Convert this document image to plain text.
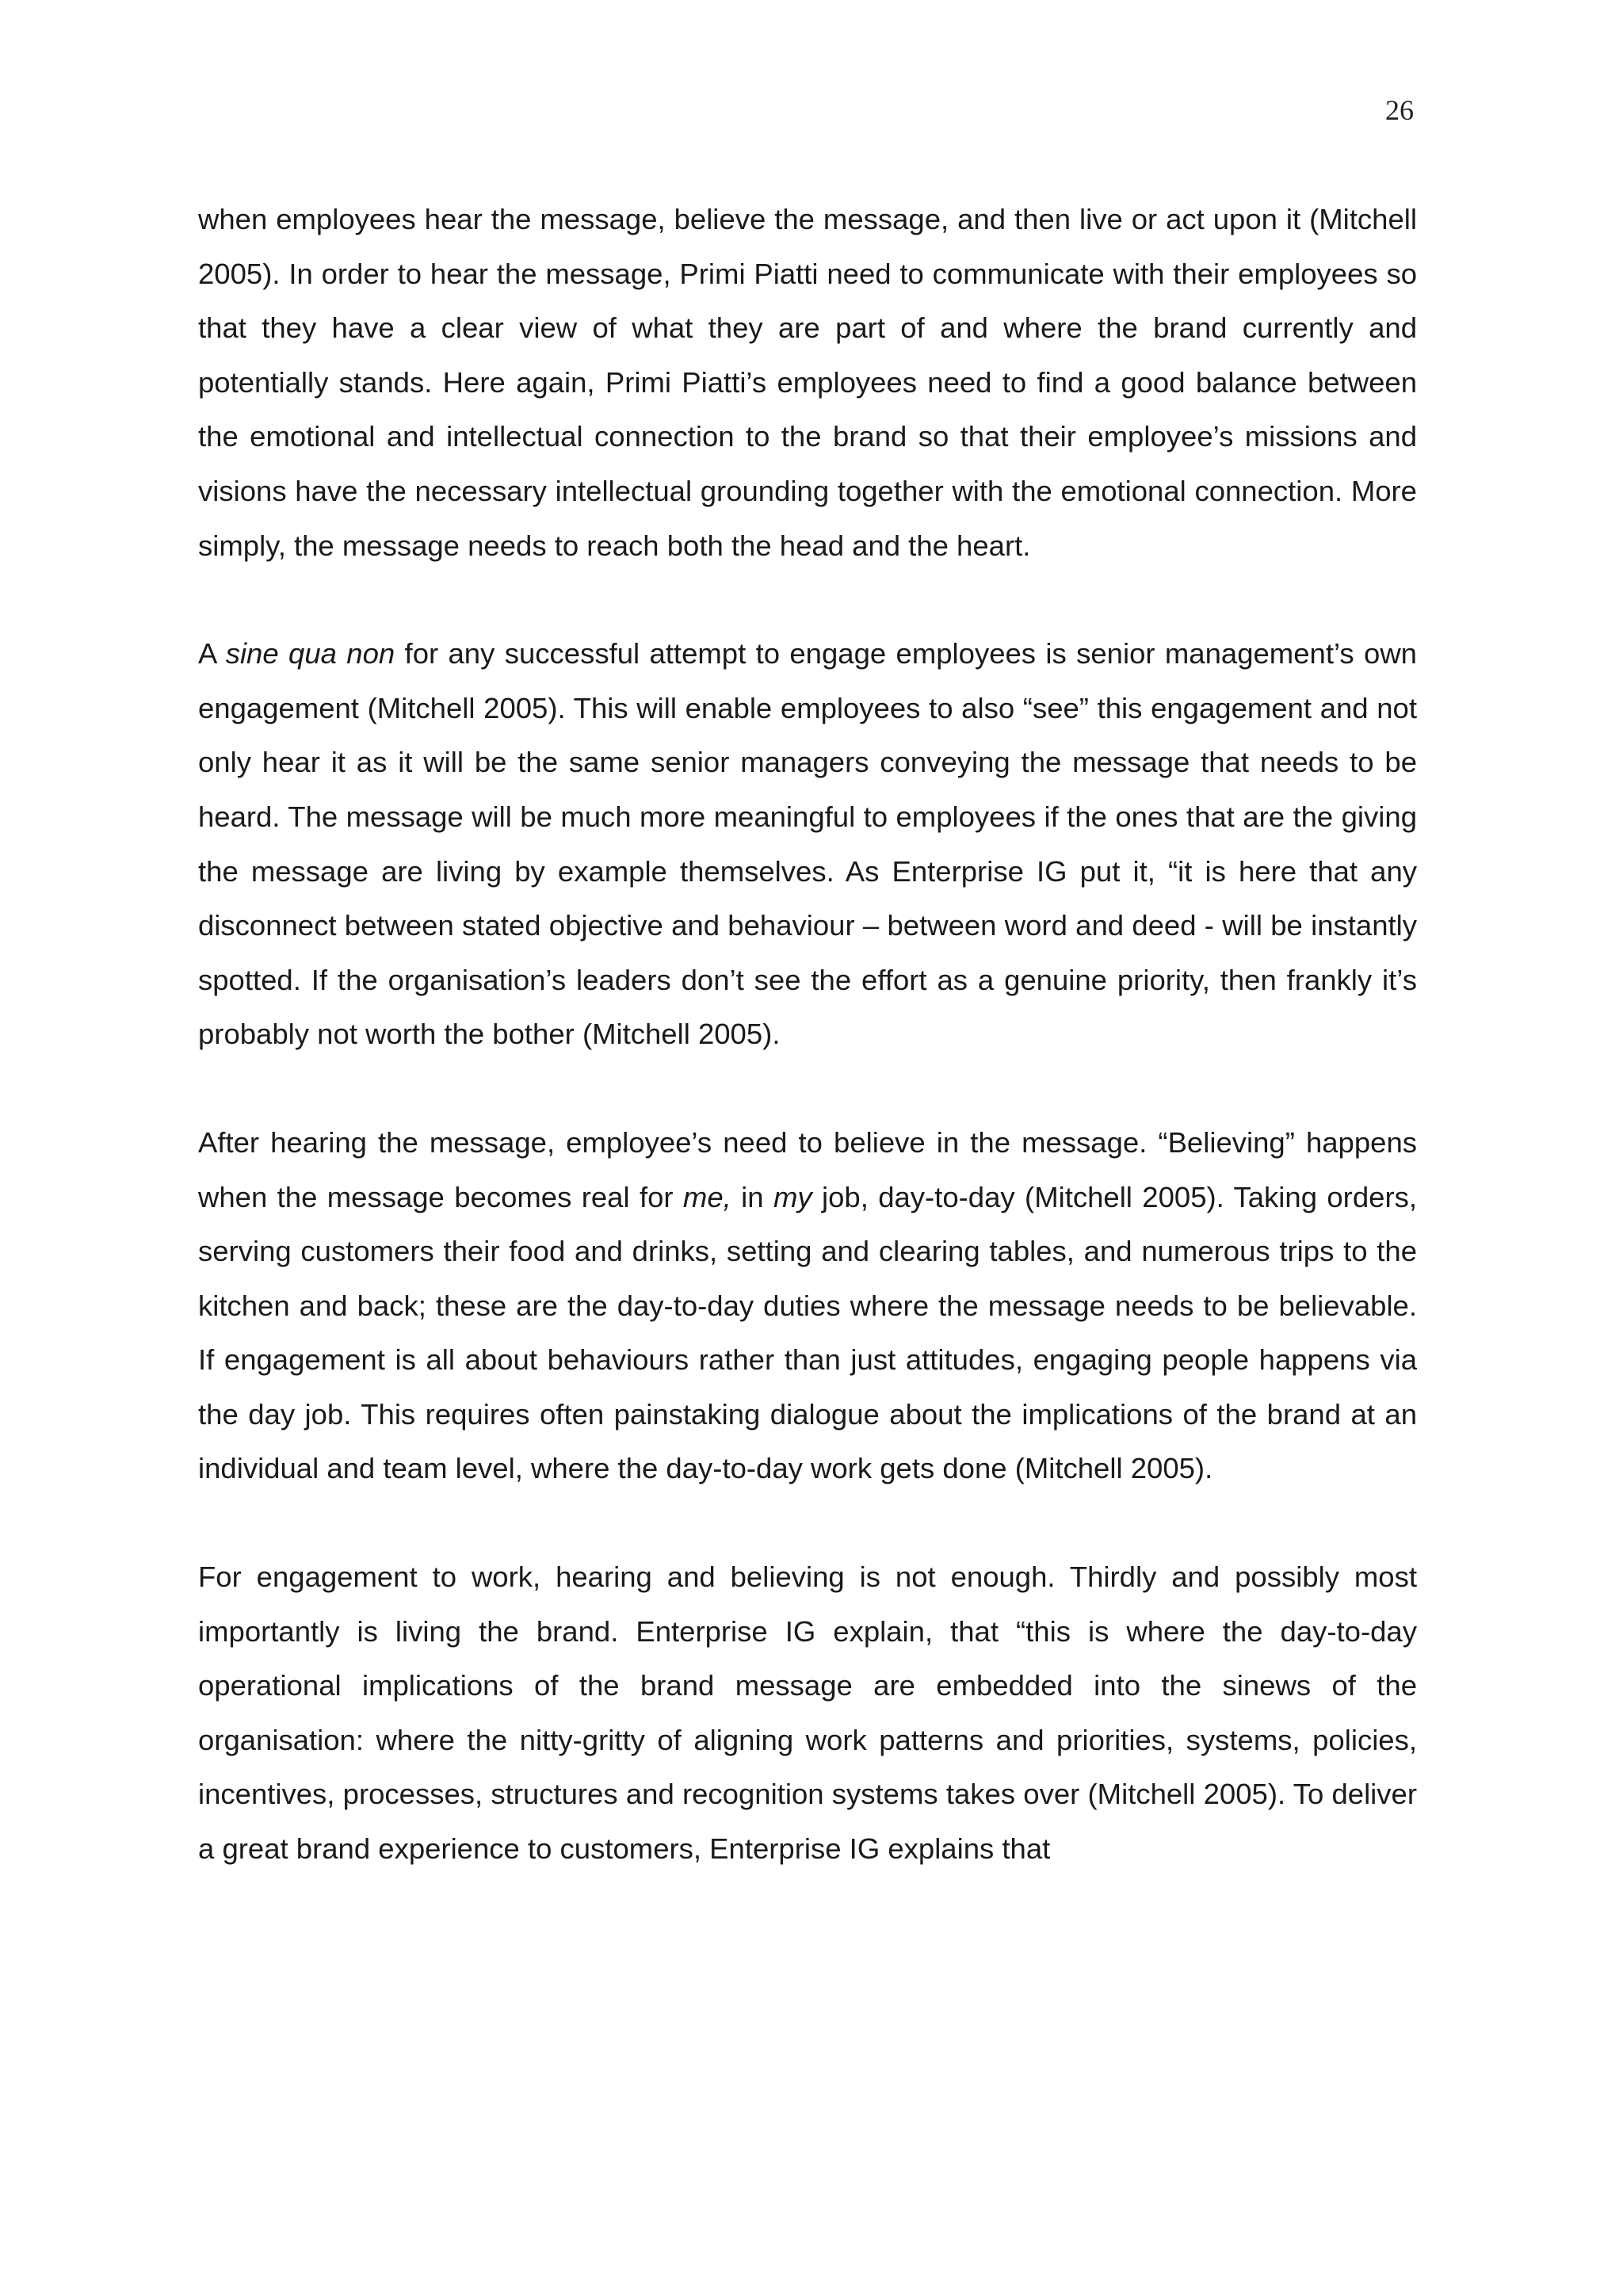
26

when employees hear the message, believe the message, and then live or act upon it (Mitchell 2005). In order to hear the message, Primi Piatti need to communicate with their employees so that they have a clear view of what they are part of and where the brand currently and potentially stands. Here again, Primi Piatti’s employees need to find a good balance between the emotional and intellectual connection to the brand so that their employee’s missions and visions have the necessary intellectual grounding together with the emotional connection. More simply, the message needs to reach both the head and the heart.

A sine qua non for any successful attempt to engage employees is senior management’s own engagement (Mitchell 2005). This will enable employees to also “see” this engagement and not only hear it as it will be the same senior managers conveying the message that needs to be heard. The message will be much more meaningful to employees if the ones that are the giving the message are living by example themselves. As Enterprise IG put it, “it is here that any disconnect between stated objective and behaviour – between word and deed - will be instantly spotted. If the organisation’s leaders don’t see the effort as a genuine priority, then frankly it’s probably not worth the bother (Mitchell 2005).

After hearing the message, employee’s need to believe in the message. “Believing” happens when the message becomes real for me, in my job, day-to-day (Mitchell 2005). Taking orders, serving customers their food and drinks, setting and clearing tables, and numerous trips to the kitchen and back; these are the day-to-day duties where the message needs to be believable. If engagement is all about behaviours rather than just attitudes, engaging people happens via the day job. This requires often painstaking dialogue about the implications of the brand at an individual and team level, where the day-to-day work gets done (Mitchell 2005).

For engagement to work, hearing and believing is not enough. Thirdly and possibly most importantly is living the brand. Enterprise IG explain, that “this is where the day-to-day operational implications of the brand message are embedded into the sinews of the organisation: where the nitty-gritty of aligning work patterns and priorities, systems, policies, incentives, processes, structures and recognition systems takes over (Mitchell 2005). To deliver a great brand experience to customers, Enterprise IG explains that
